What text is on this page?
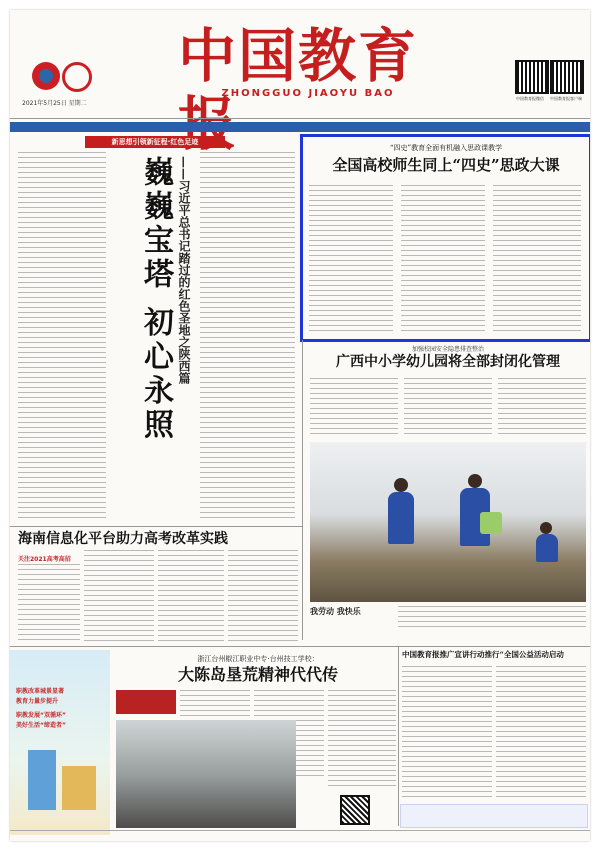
中国教育报
ZHONGGUO JIAOYU BAO
2021年5月25日 星期二
中国教育报微信	中国教育报客户端
新思想引领新征程·红色足迹
巍巍宝塔 初心永照 ——习近平总书记踏过的红色圣地之陕西篇
“四史”教育全面有机融入思政课教学
全国高校师生同上“四史”思政大课
加强校园安全隐患排查整治
广西中小学幼儿园将全部封闭化管理
我劳动 我快乐
海南信息化平台助力高考改革实践
关注2021高考高招
职教改革城景显著
教育力量步提升
职教发展“双循环”
美好生活“缔造者”
浙江台州椒江职业中专·台州技工学校：
大陈岛垦荒精神代代传
中国教育报推广宣讲行动推行“全国公益活动启动
